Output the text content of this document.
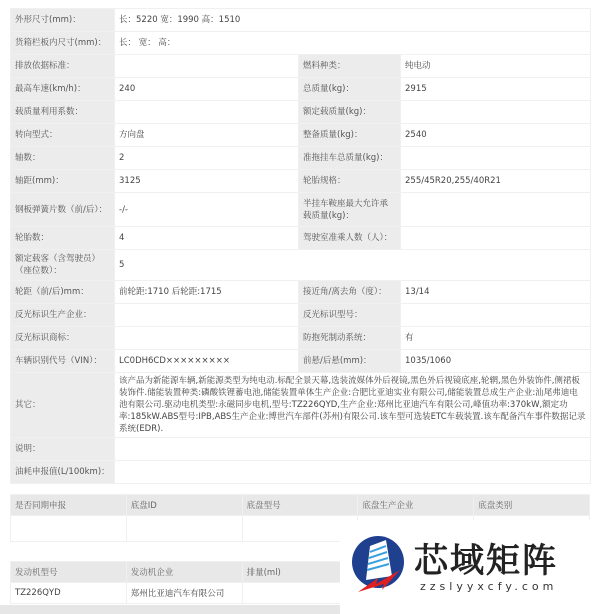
外形尺寸(mm)：	长：5220 宽：1990 高：1510		
货箱栏板内尺寸(mm)：	长： 宽： 高：		
排放依据标准：		燃料种类：	纯电动
最高车速(km/h)：	240	总质量(kg)：	2915
载质量利用系数：		额定载质量(kg)：	
转向型式：	方向盘	整备质量(kg)：	2540
轴数：	2	准拖挂车总质量(kg)：	
轴距(mm)：	3125	轮胎规格：	255/45R20,255/40R21
钢板弹簧片数（前/后）：	-/-	半挂车鞍座最大允许承载质量(kg)：	
轮胎数：	4	驾驶室准乘人数（人）：	
额定载客（含驾驶员）（座位数）：	5		
轮距（前/后)mm：	前轮距:1710 后轮距:1715	接近角/离去角（度）：	13/14
反光标识生产企业：		反光标识型号：	
反光标识商标：		防抱死制动系统：	有
车辆识别代号（VIN）：	LC0DH6CD×××××××××	前悬/后悬(mm)：	1035/1060
其它：	该产品为新能源车辆,新能源类型为纯电动.标配全景天幕,选装流媒体外后视镜,黑色外后视镜底座,轮辋,黑色外装饰件,侧裙板装饰件.储能装置种类:磷酸铁锂蓄电池,储能装置单体生产企业:合肥比亚迪实业有限公司,储能装置总成生产企业:汕尾弗迪电池有限公司.驱动电机类型:永磁同步电机,型号:TZ226QYD,生产企业:郑州比亚迪汽车有限公司,峰值功率:370kW,额定功率:185kW.ABS型号:IPB,ABS生产企业:博世汽车部件(苏州)有限公司.该车型可选装ETC车载装置.该车配备汽车事件数据记录系统(EDR).		
说明：			
油耗申报值(L/100km)：			
是否同期申报	底盘ID	底盘型号	底盘生产企业	底盘类别

发动机型号	发动机企业	排量(ml)		
TZ226QYD	郑州比亚迪汽车有限公司			
芯域矩阵
zzslyyxcfy.com
